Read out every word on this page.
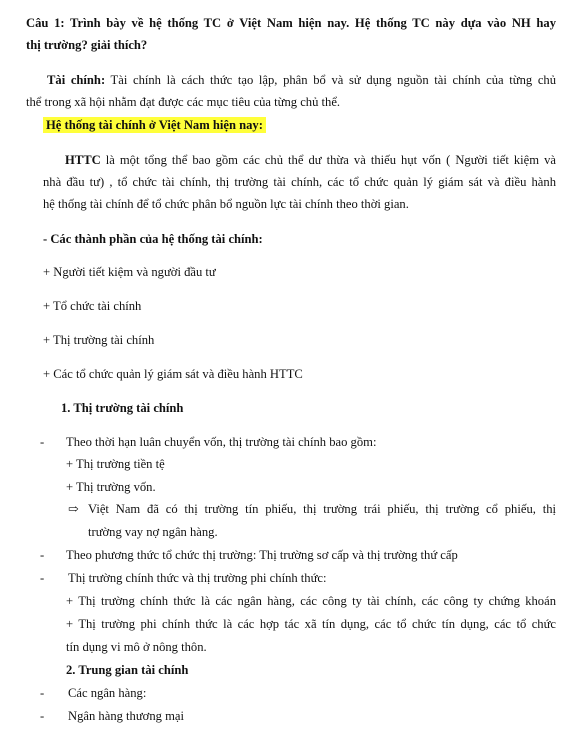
Câu 1: Trình bày về hệ thống TC ở Việt Nam hiện nay. Hệ thống TC này dựa vào NH hay

thị trường? giải thích?

Tài chính: Tài chính là cách thức tạo lập, phân bổ và sử dụng nguồn tài chính của từng chủ

thể trong xã hội nhằm đạt được các mục tiêu của từng chủ thể.

Hệ thống tài chính ở Việt Nam hiện nay:

HTTC là một tổng thể bao gồm các chủ thể dư thừa và thiếu hụt vốn ( Người tiết kiệm và

nhà đầu tư) , tổ chức tài chính, thị trường tài chính, các tổ chức quản lý giám sát và điều hành

hệ thống tài chính để tổ chức phân bổ nguồn lực tài chính theo thời gian.

- Các thành phần của hệ thống tài chính:

+ Người tiết kiệm và người đầu tư

+ Tổ chức tài chính

+ Thị trường tài chính

+ Các tổ chức quản lý giám sát và điều hành HTTC

1. Thị trường tài chính

- Theo thời hạn luân chuyển vốn, thị trường tài chính bao gồm:

+ Thị trường tiền tệ

+ Thị trường vốn.

⇨ Việt Nam đã có thị trường tín phiếu, thị trường trái phiếu, thị trường cổ phiếu, thị

trường vay nợ ngân hàng.

- Theo phương thức tổ chức thị trường: Thị trường sơ cấp và thị trường thứ cấp

- Thị trường chính thức và thị trường phi chính thức:

+ Thị trường chính thức là các ngân hàng, các công ty tài chính, các công ty chứng khoán

+ Thị trường phi chính thức là các hợp tác xã tín dụng, các tổ chức tín dụng, các tổ chức

tín dụng vi mô ở nông thôn.

2. Trung gian tài chính

- Các ngân hàng:

- Ngân hàng thương mại
